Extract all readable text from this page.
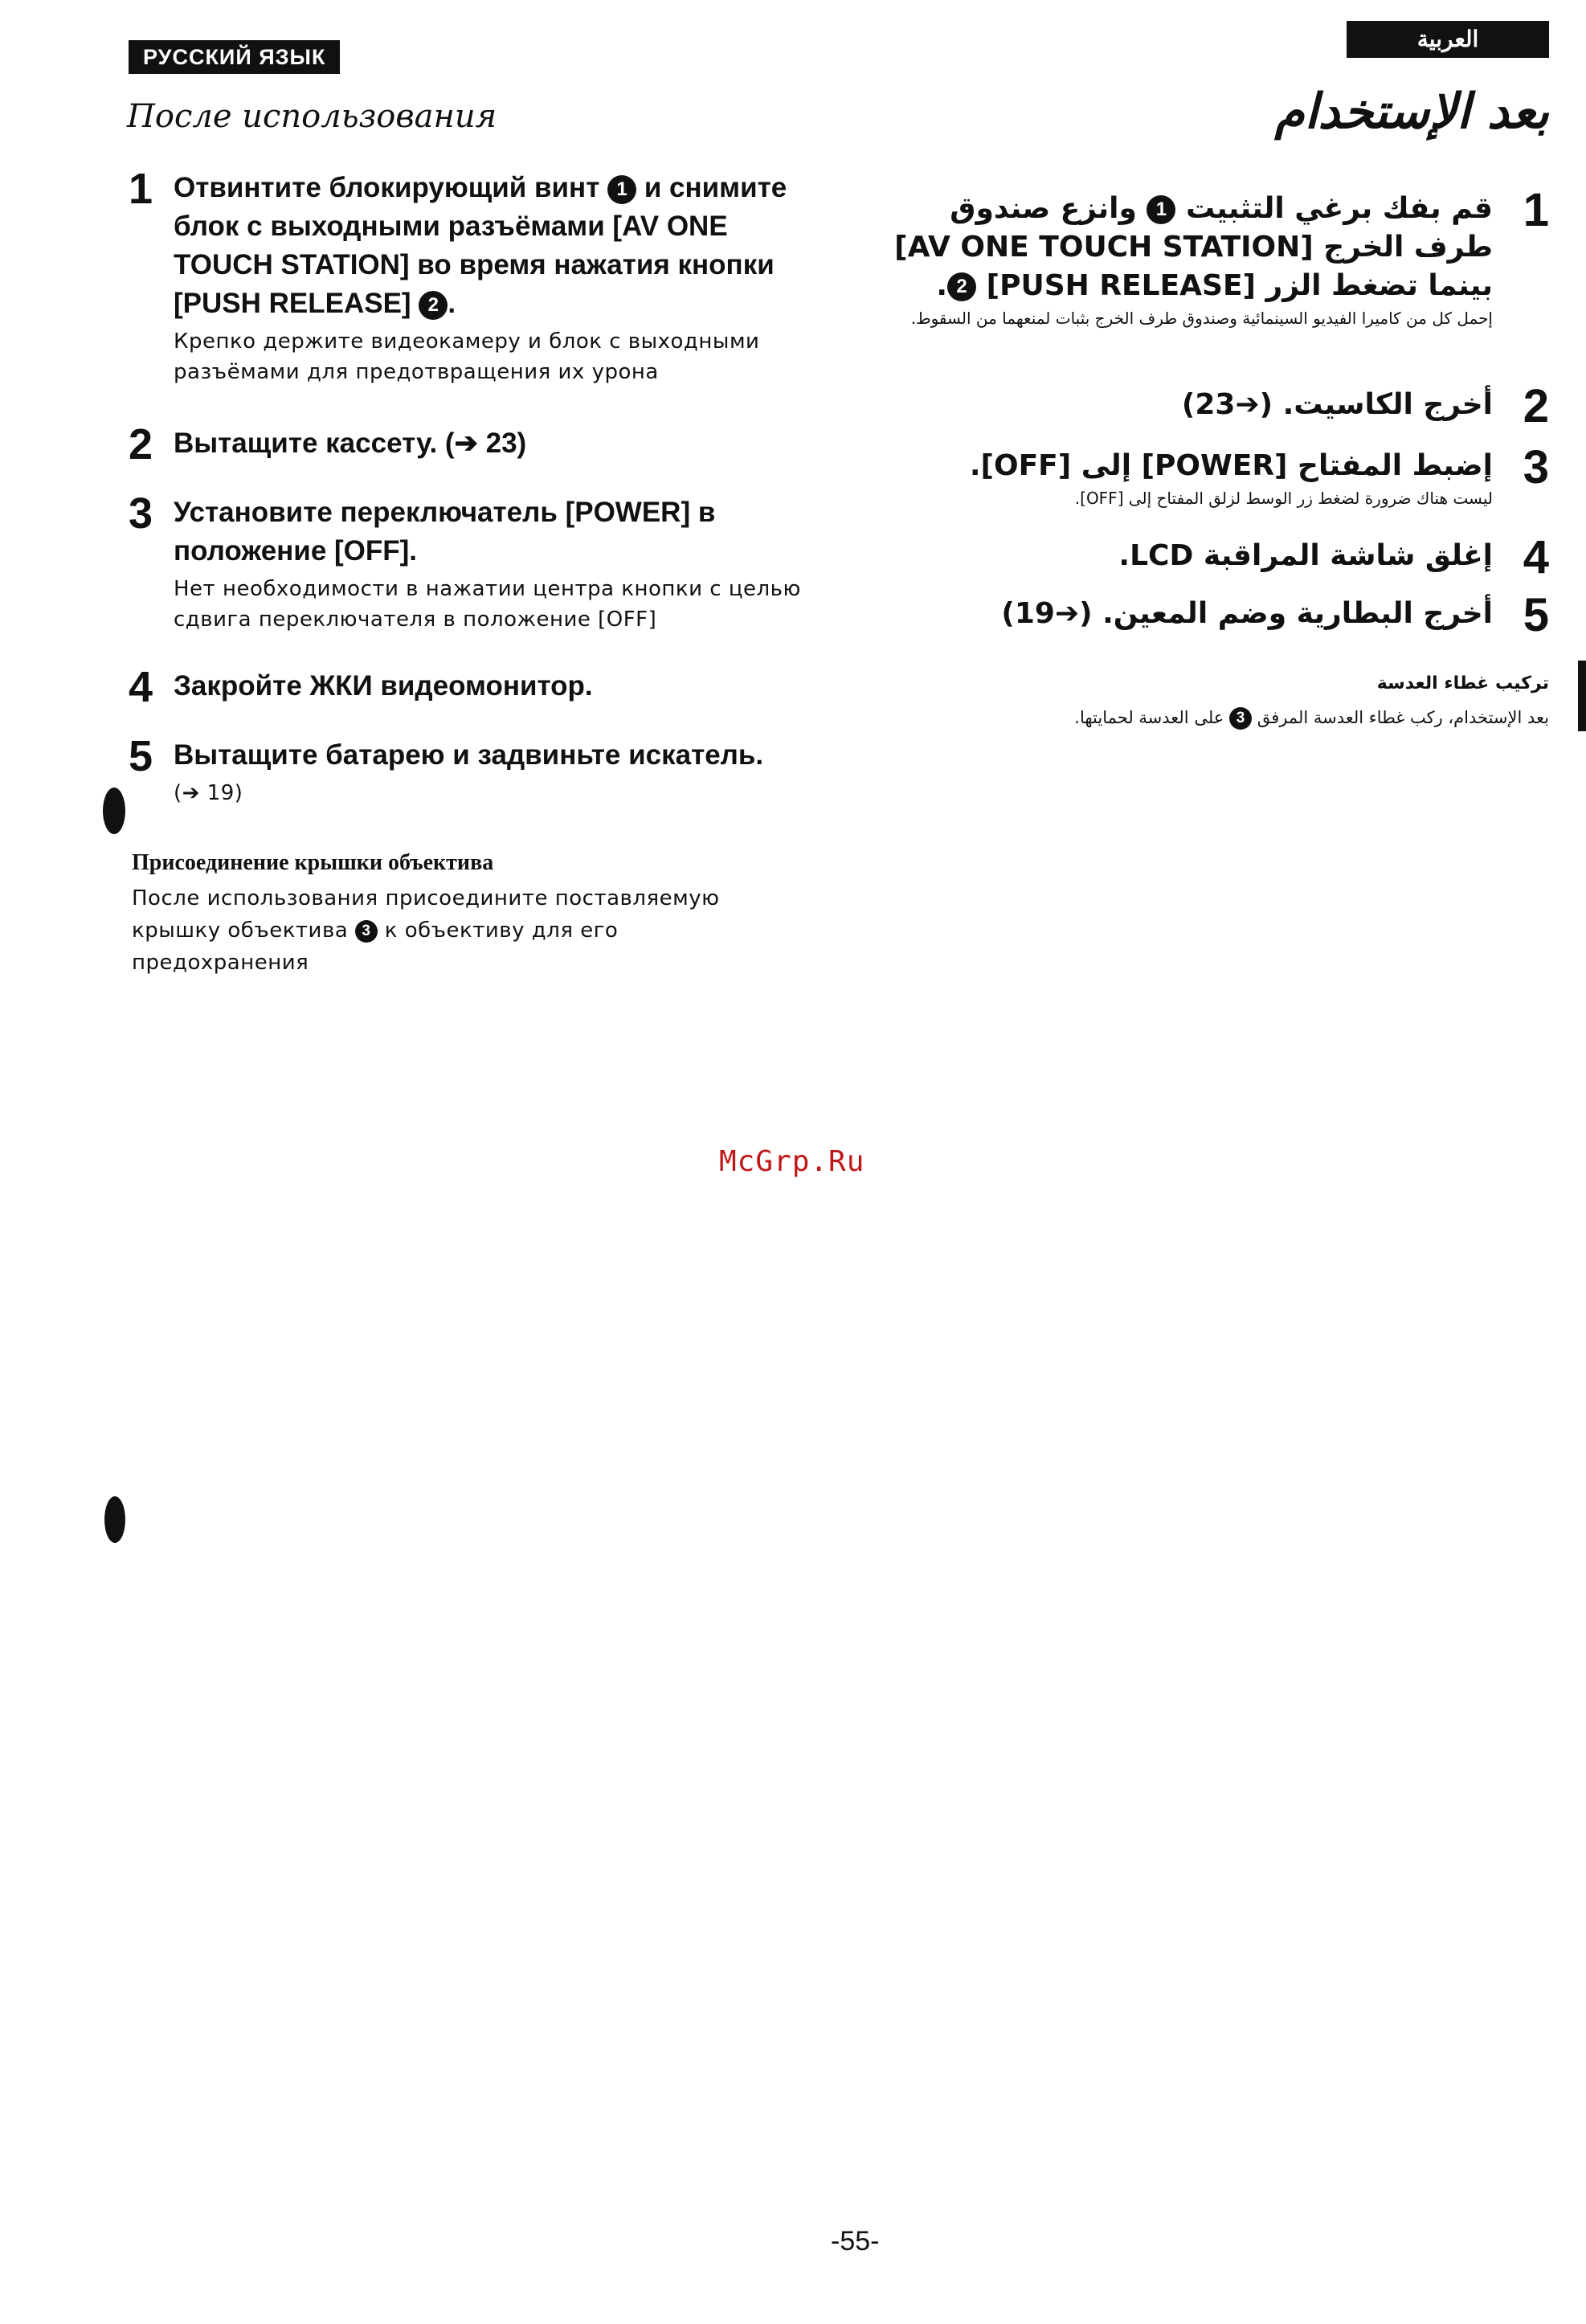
РУССКИЙ ЯЗЫК
После использования
1 Отвинтите блокирующий винт 1 и снимите блок с выходными разъёмами [AV ONE TOUCH STATION] во время нажатия кнопки [PUSH RELEASE] 2 .
Крепко держите видеокамеру и блок с выходными разъёмами для предотвращения их урона
2 Вытащите кассету. (➔ 23)
3 Установите переключатель [POWER] в положение [OFF].
Нет необходимости в нажатии центра кнопки с целью сдвига переключателя в положение [OFF]
4 Закройте ЖКИ видеомонитор.
5 Вытащите батарею и задвиньте искатель.
(➔ 19)
Присоединение крышки объектива
После использования присоедините поставляемую крышку объектива 3 к объективу для его предохранения
العربية
بعد الإستخدام
1
قم بفك برغي التثبيت 1 وانزع صندوق طرف الخرج [AV ONE TOUCH STATION] بينما تضغط الزر [PUSH RELEASE] 2.
إحمل كل من كاميرا الفيديو السينمائية وصندوق طرف الخرج بثبات لمنعهما من السقوط.
2
أخرج الكاسيت. (➔23)
3
إضبط المفتاح [POWER] إلى [OFF].
ليست هناك ضرورة لضغط زر الوسط لزلق المفتاح إلى [OFF].
4
إغلق شاشة المراقبة LCD.
5
أخرج البطارية وضم المعين. (➔19)
تركيب غطاء العدسة
بعد الإستخدام، ركب غطاء العدسة المرفق 3 على العدسة لحمايتها.
McGrp.Ru
-55-
